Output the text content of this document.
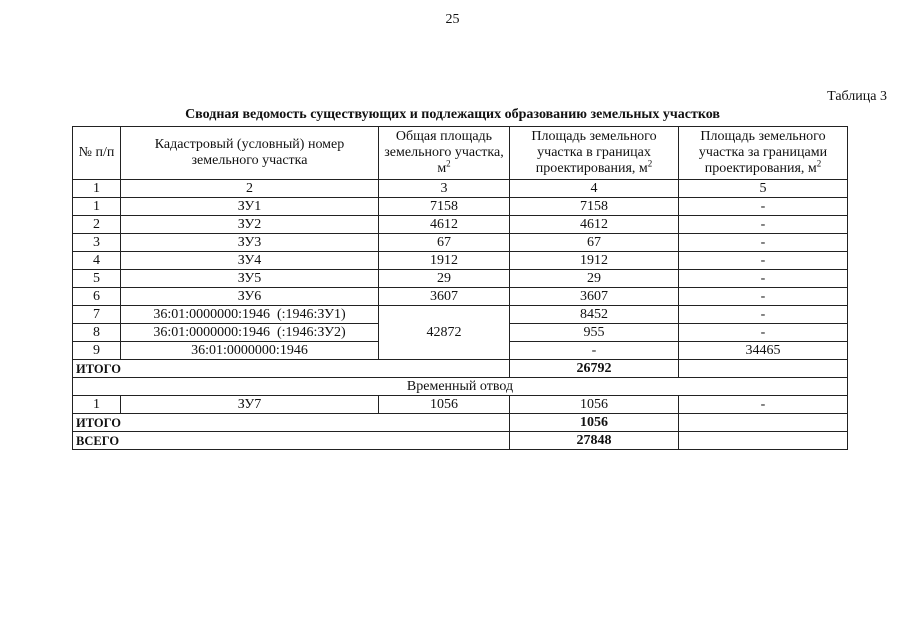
25
Таблица 3
Сводная ведомость существующих и подлежащих образованию земельных участков
№ п/п	Кадастровый (условный) номер земельного участка	Общая площадь земельного участка, $м^2$	Площадь земельного участка в границах проектирования, $м^2$	Площадь земельного участка за границами проектирования, $м^2$
1	2	3	4	5
1	ЗУ1	7158	7158	-
2	ЗУ2	4612	4612	-
3	ЗУ3	67	67	-
4	ЗУ4	1912	1912	-
5	ЗУ5	29	29	-
6	ЗУ6	3607	3607	-
7	36:01:0000000:1946  (:1946:ЗУ1)	42872	8452	-
8	36:01:0000000:1946  (:1946:ЗУ2)		955	-
9	36:01:0000000:1946		-	34465
ИТОГО			26792	
Временный отвод				
1	ЗУ7	1056	1056	-
ИТОГО			1056	
ВСЕГО			27848	
